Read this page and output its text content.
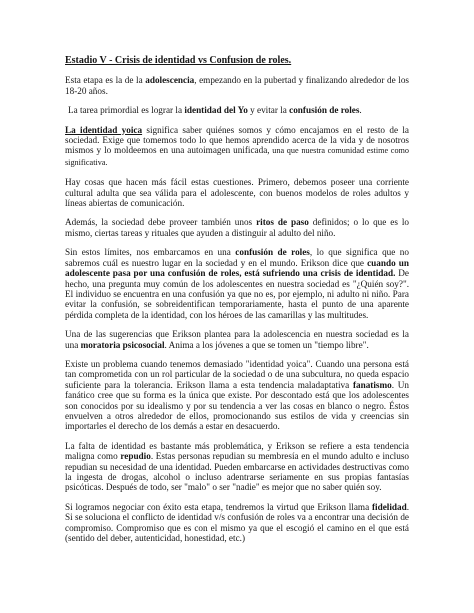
Estadio V - Crisis de identidad vs Confusion de roles.

Esta etapa es la de la adolescencia, empezando en la pubertad y finalizando alrededor de los 18-20 años.

La tarea primordial es lograr la identidad del Yo y evitar la confusión de roles.

La identidad yoica significa saber quiénes somos y cómo encajamos en el resto de la sociedad. Exige que tomemos todo lo que hemos aprendido acerca de la vida y de nosotros mismos y lo moldeemos en una autoimagen unificada, una que nuestra comunidad estime como significativa.

Hay cosas que hacen más fácil estas cuestiones. Primero, debemos poseer una corriente cultural adulta que sea válida para el adolescente, con buenos modelos de roles adultos y líneas abiertas de comunicación.

Además, la sociedad debe proveer también unos ritos de paso definidos; o lo que es lo mismo, ciertas tareas y rituales que ayuden a distinguir al adulto del niño.

Sin estos límites, nos embarcamos en una confusión de roles, lo que significa que no sabremos cuál es nuestro lugar en la sociedad y en el mundo. Erikson dice que cuando un adolescente pasa por una confusión de roles, está sufriendo una crisis de identidad. De hecho, una pregunta muy común de los adolescentes en nuestra sociedad es "¿Quién soy?". El individuo se encuentra en una confusión ya que no es, por ejemplo, ni adulto ni niño. Para evitar la confusión, se sobreidentifican temporariamente, hasta el punto de una aparente pérdida completa de la identidad, con los héroes de las camarillas y las multitudes.

Una de las sugerencias que Erikson plantea para la adolescencia en nuestra sociedad es la una moratoria psicosocial. Anima a los jóvenes a que se tomen un "tiempo libre".

Existe un problema cuando tenemos demasiado "identidad yoica". Cuando una persona está tan comprometida con un rol particular de la sociedad o de una subcultura, no queda espacio suficiente para la tolerancia. Erikson llama a esta tendencia maladaptativa fanatismo. Un fanático cree que su forma es la única que existe. Por descontado está que los adolescentes son conocidos por su idealismo y por su tendencia a ver las cosas en blanco o negro. Éstos envuelven a otros alrededor de ellos, promocionando sus estilos de vida y creencias sin importarles el derecho de los demás a estar en desacuerdo.

La falta de identidad es bastante más problemática, y Erikson se refiere a esta tendencia maligna como repudio. Estas personas repudian su membresía en el mundo adulto e incluso repudian su necesidad de una identidad. Pueden embarcarse en actividades destructivas como la ingesta de drogas, alcohol o incluso adentrarse seriamente en sus propias fantasías psicóticas. Después de todo, ser "malo" o ser "nadie" es mejor que no saber quién soy.

Si logramos negociar con éxito esta etapa, tendremos la virtud que Erikson llama fidelidad. Si se soluciona el conflicto de identidad v/s confusión de roles va a encontrar una decisión de compromiso. Compromiso que es con el mismo ya que el escogió el camino en el que está (sentido del deber, autenticidad, honestidad, etc.)
